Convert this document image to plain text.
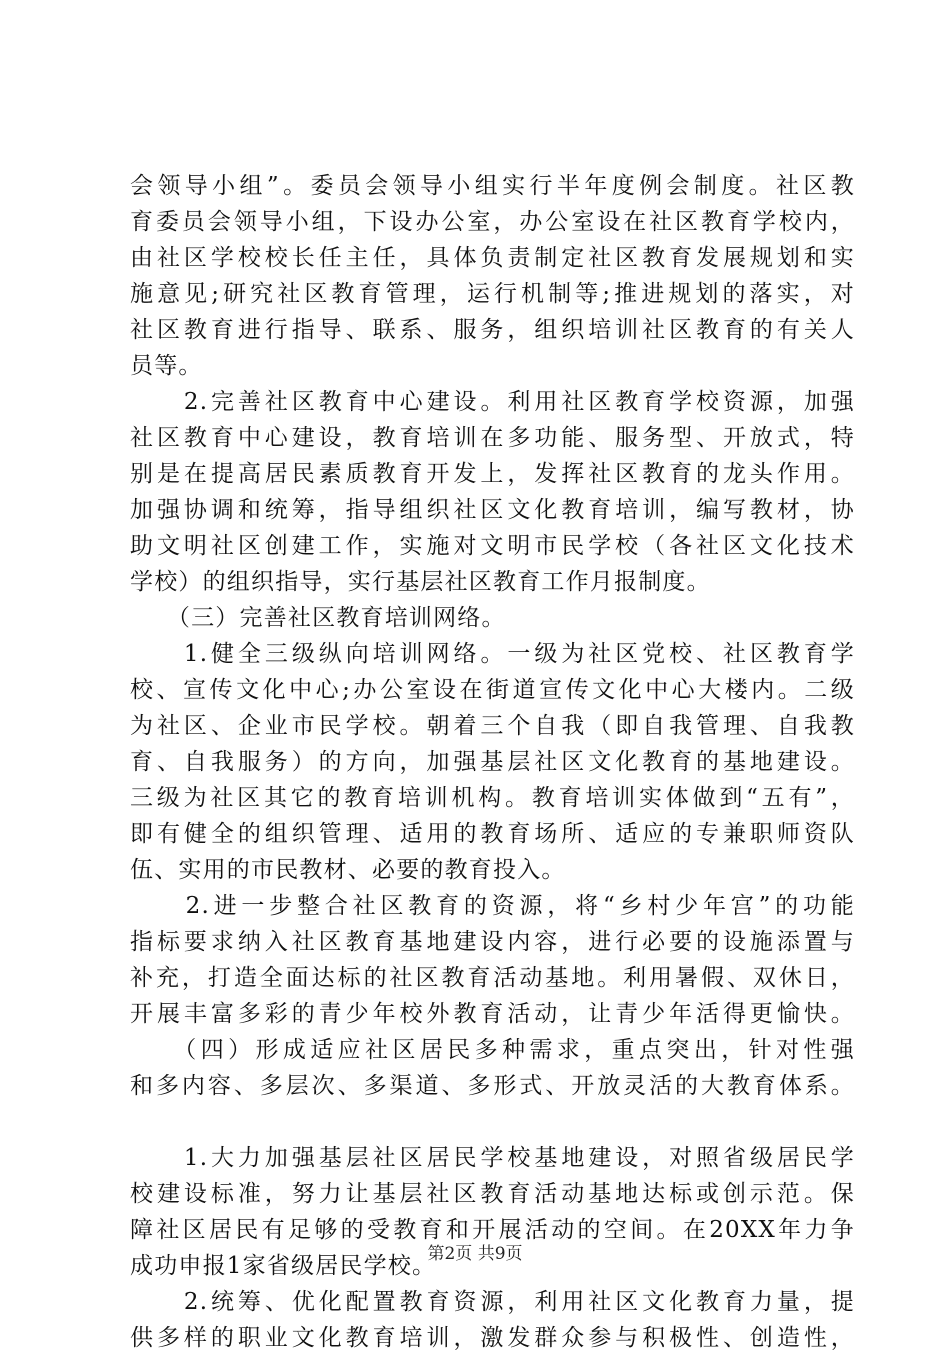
会领导小组”。委员会领导小组实行半年度例会制度。社区教
育委员会领导小组，下设办公室，办公室设在社区教育学校内，
由社区学校校长任主任，具体负责制定社区教育发展规划和实
施意见;研究社区教育管理，运行机制等;推进规划的落实，对
社区教育进行指导、联系、服务，组织培训社区教育的有关人
员等。
　　2.完善社区教育中心建设。利用社区教育学校资源，加强
社区教育中心建设，教育培训在多功能、服务型、开放式，特
别是在提高居民素质教育开发上，发挥社区教育的龙头作用。
加强协调和统筹，指导组织社区文化教育培训，编写教材，协
助文明社区创建工作，实施对文明市民学校（各社区文化技术
学校）的组织指导，实行基层社区教育工作月报制度。
　　（三）完善社区教育培训网络。
　　1.健全三级纵向培训网络。一级为社区党校、社区教育学
校、宣传文化中心;办公室设在街道宣传文化中心大楼内。二级
为社区、企业市民学校。朝着三个自我（即自我管理、自我教
育、自我服务）的方向，加强基层社区文化教育的基地建设。
三级为社区其它的教育培训机构。教育培训实体做到“五有”，
即有健全的组织管理、适用的教育场所、适应的专兼职师资队
伍、实用的市民教材、必要的教育投入。
　　2.进一步整合社区教育的资源，将“乡村少年宫”的功能
指标要求纳入社区教育基地建设内容，进行必要的设施添置与
补充，打造全面达标的社区教育活动基地。利用暑假、双休日，
开展丰富多彩的青少年校外教育活动，让青少年活得更愉快。
　　（四）形成适应社区居民多种需求，重点突出，针对性强
和多内容、多层次、多渠道、多形式、开放灵活的大教育体系。
　　1.大力加强基层社区居民学校基地建设，对照省级居民学
校建设标准，努力让基层社区教育活动基地达标或创示范。保
障社区居民有足够的受教育和开展活动的空间。在20XX年力争
成功申报1家省级居民学校。
　　2.统筹、优化配置教育资源，利用社区文化教育力量，提
供多样的职业文化教育培训，激发群众参与积极性、创造性，
第2页 共9页
